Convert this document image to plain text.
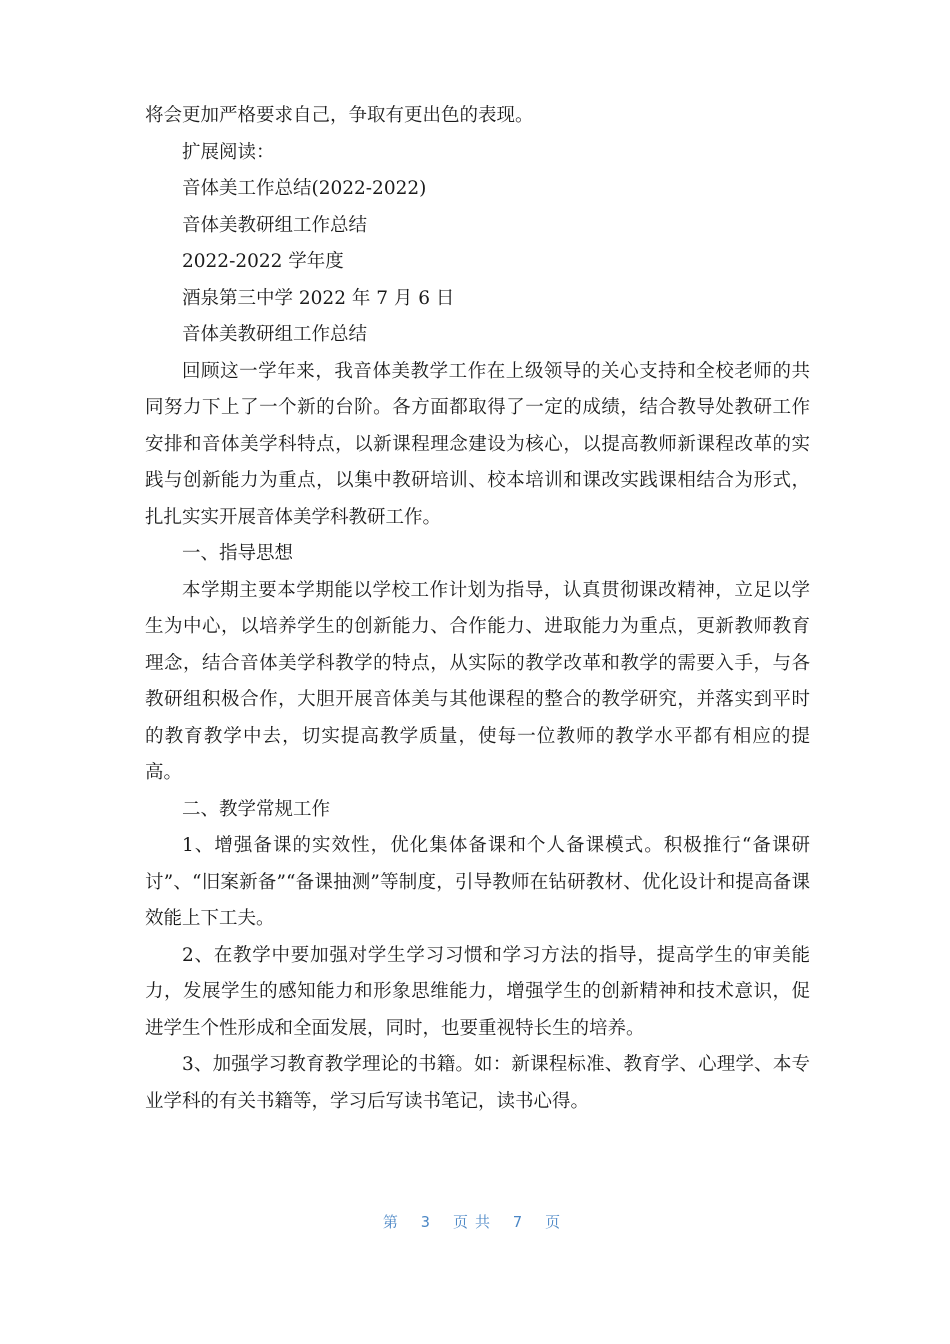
将会更加严格要求自己，争取有更出色的表现。

扩展阅读：

音体美工作总结(2022-2022)

音体美教研组工作总结

2022-2022 学年度

酒泉第三中学 2022 年 7 月 6 日

音体美教研组工作总结

回顾这一学年来，我音体美教学工作在上级领导的关心支持和全校老师的共同努力下上了一个新的台阶。各方面都取得了一定的成绩，结合教导处教研工作安排和音体美学科特点，以新课程理念建设为核心，以提高教师新课程改革的实践与创新能力为重点，以集中教研培训、校本培训和课改实践课相结合为形式，扎扎实实开展音体美学科教研工作。

一、指导思想

本学期主要本学期能以学校工作计划为指导，认真贯彻课改精神，立足以学生为中心，以培养学生的创新能力、合作能力、进取能力为重点，更新教师教育理念，结合音体美学科教学的特点，从实际的教学改革和教学的需要入手，与各教研组积极合作，大胆开展音体美与其他课程的整合的教学研究，并落实到平时的教育教学中去，切实提高教学质量，使每一位教师的教学水平都有相应的提高。

二、教学常规工作

1、增强备课的实效性，优化集体备课和个人备课模式。积极推行“备课研讨”、“旧案新备”“备课抽测”等制度，引导教师在钻研教材、优化设计和提高备课效能上下工夫。

2、在教学中要加强对学生学习习惯和学习方法的指导，提高学生的审美能力，发展学生的感知能力和形象思维能力，增强学生的创新精神和技术意识，促进学生个性形成和全面发展，同时，也要重视特长生的培养。

3、加强学习教育教学理论的书籍。如：新课程标准、教育学、心理学、本专业学科的有关书籍等，学习后写读书笔记，读书心得。

第 3 页共 7 页
